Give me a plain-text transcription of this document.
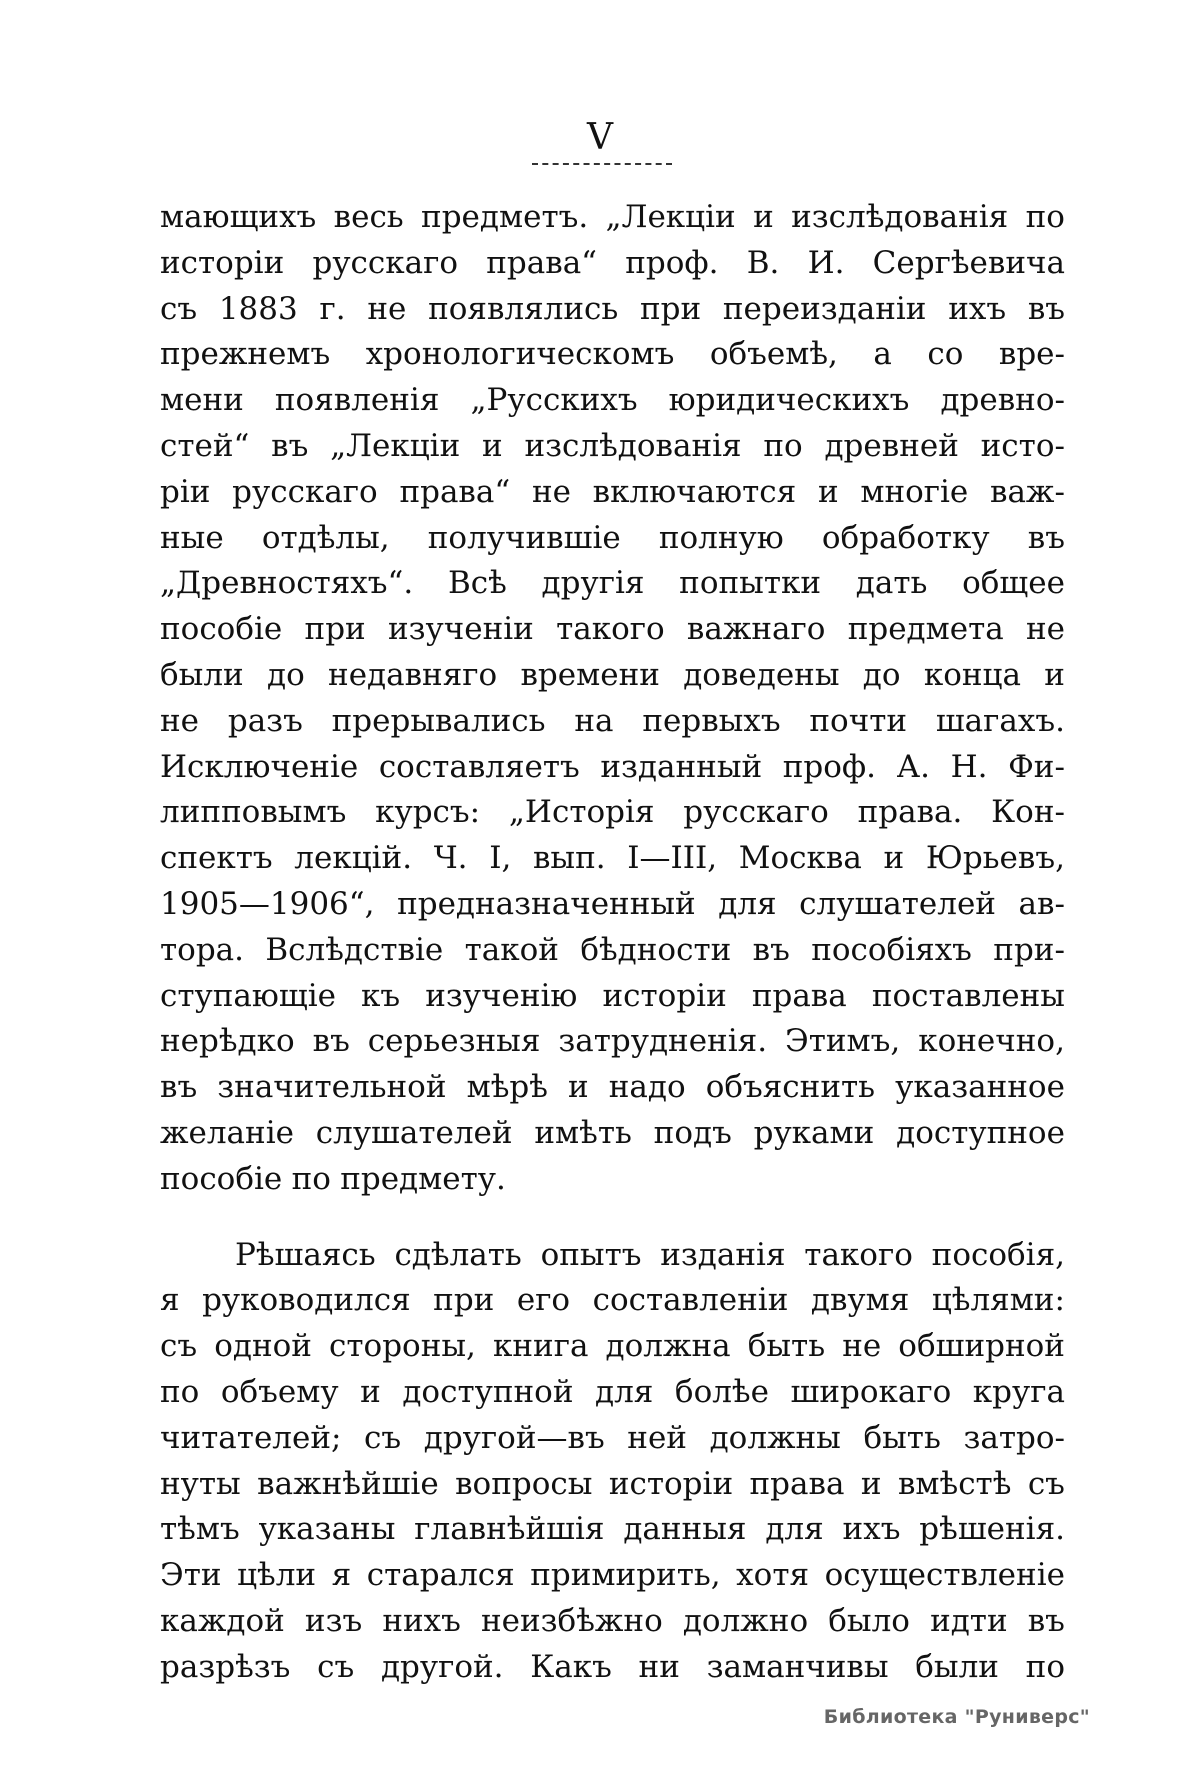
V
мающихъ весь предметъ. „Лекцiи и изслѣдованiя по
исторiи русскаго права“ проф. В. И. Сергѣевича
съ 1883 г. не появлялись при переизданiи ихъ въ
прежнемъ хронологическомъ объемѣ, а со вре-
мени появленiя „Русскихъ юридическихъ древно-
стей“ въ „Лекцiи и изслѣдованiя по древней исто-
рiи русскаго права“ не включаются и многiе важ-
ные отдѣлы, получившiе полную обработку въ
„Древностяхъ“. Всѣ другiя попытки дать общее
пособiе при изученiи такого важнаго предмета не
были до недавняго времени доведены до конца и
не разъ прерывались на первыхъ почти шагахъ.
Исключенiе составляетъ изданный проф. А. Н. Фи-
липповымъ курсъ: „Исторiя русскаго права. Кон-
спектъ лекцiй. Ч. I, вып. I—III, Москва и Юрьевъ,
1905—1906“, предназначенный для слушателей ав-
тора. Вслѣдствiе такой бѣдности въ пособiяхъ при-
ступающiе къ изученiю исторiи права поставлены
нерѣдко въ серьезныя затрудненiя. Этимъ, конечно,
въ значительной мѣрѣ и надо объяснить указанное
желанiе слушателей имѣть подъ руками доступное
пособiе по предмету.
Рѣшаясь сдѣлать опытъ изданiя такого пособiя,
я руководился при его составленiи двумя цѣлями:
съ одной стороны, книга должна быть не обширной
по объему и доступной для болѣе широкаго круга
читателей; съ другой—въ ней должны быть затро-
нуты важнѣйшiе вопросы исторiи права и вмѣстѣ съ
тѣмъ указаны главнѣйшiя данныя для ихъ рѣшенiя.
Эти цѣли я старался примирить, хотя осуществленiе
каждой изъ нихъ неизбѣжно должно было идти въ
разрѣзъ съ другой. Какъ ни заманчивы были по
Библиотека "Руниверс"
